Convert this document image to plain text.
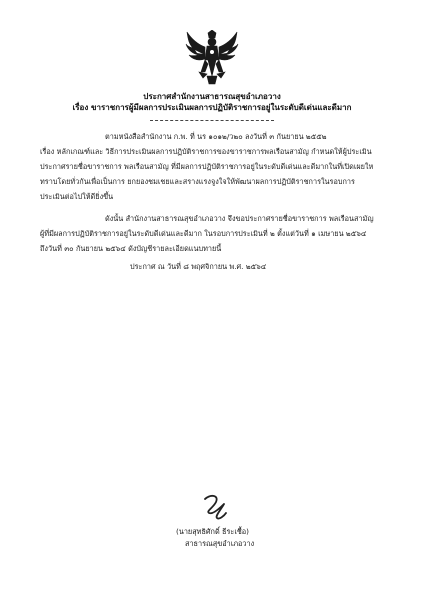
ประกาศสำนักงานสาธารณสุขอำเภอวาง
เรื่อง ขาราชการผู้มีผลการประเมินผลการปฏิบัติราชการอยู่ในระดับดีเด่นและดีมาก
ตามหนังสือสำนักงาน ก.พ. ที่ นร ๑๐๑๒/ว๒๐ ลงวันที่ ๓ กันยายน ๒๕๕๒
เรื่อง หลักเกณฑ์และ วิธีการประเมินผลการปฏิบัติราชการของขาราชการพลเรือนสามัญ กำหนดให้ผู้ประเมิน
ประกาศรายชื่อขาราชการ พลเรือนสามัญ ที่มีผลการปฏิบัติราชการอยู่ในระดับดีเด่นและดีมากในที่เปิดเผยให
ทราบโดยทั่วกันเพื่อเป็นการ ยกยองชมเชยและสรางแรงจูงใจให้พัฒนาผลการปฏิบัติราชการในรอบการ
ประเมินต่อไปให้ดียิ่งขึ้น
ดังนั้น สำนักงานสาธารณสุขอำเภอวาง จึงขอประกาศรายชื่อขาราชการ พลเรือนสามัญ
ผู้ที่มีผลการปฏิบัติราชการอยู่ในระดับดีเด่นและดีมาก ในรอบการประเมินที่ ๒ ตั้งแต่วันที่ ๑ เมษายน ๒๕๖๔
ถึงวันที่ ๓๐ กันยายน ๒๕๖๔ ดังบัญชีรายละเอียดแนบทายนี้
ประกาศ ณ วันที่ ๘ พฤศจิกายน พ.ศ. ๒๕๖๔
(นายสุทธิศักดิ์ ธีระเชื้อ)
สาธารณสุขอำเภอวาง
